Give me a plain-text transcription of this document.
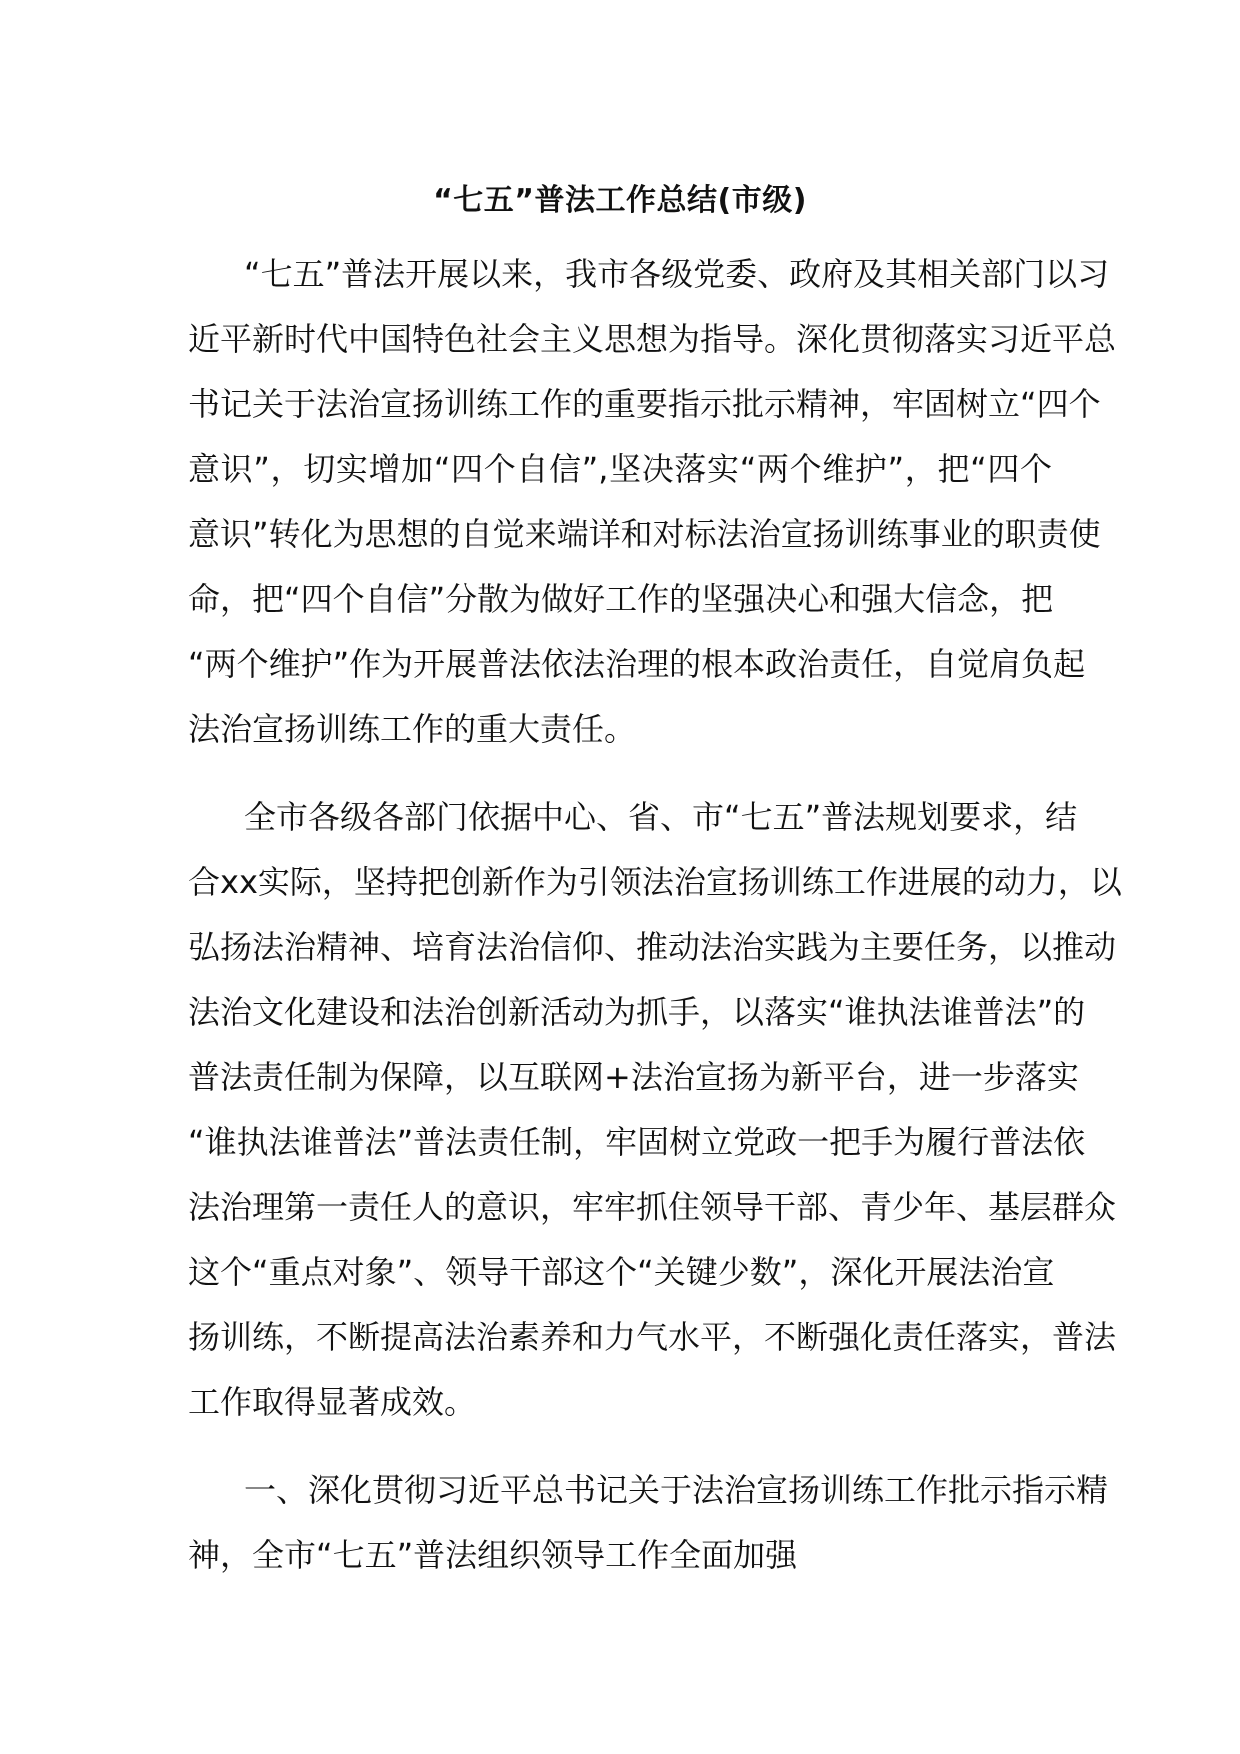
“七五”普法工作总结(市级)
“七五”普法开展以来，我市各级党委、政府及其相关部门以习
近平新时代中国特色社会主义思想为指导。深化贯彻落实习近平总
书记关于法治宣扬训练工作的重要指示批示精神，牢固树立“四个
意识”，切实增加“四个自信”,坚决落实“两个维护”，把“四个
意识”转化为思想的自觉来端详和对标法治宣扬训练事业的职责使
命，把“四个自信”分散为做好工作的坚强决心和强大信念，把
“两个维护”作为开展普法依法治理的根本政治责任，自觉肩负起
法治宣扬训练工作的重大责任。
全市各级各部门依据中心、省、市“七五”普法规划要求，结
合xx实际，坚持把创新作为引领法治宣扬训练工作进展的动力，以
弘扬法治精神、培育法治信仰、推动法治实践为主要任务，以推动
法治文化建设和法治创新活动为抓手，以落实“谁执法谁普法”的
普法责任制为保障，以互联网+法治宣扬为新平台，进一步落实
“谁执法谁普法”普法责任制，牢固树立党政一把手为履行普法依
法治理第一责任人的意识，牢牢抓住领导干部、青少年、基层群众
这个“重点对象”、领导干部这个“关键少数”，深化开展法治宣
扬训练，不断提高法治素养和力气水平，不断强化责任落实，普法
工作取得显著成效。
一、深化贯彻习近平总书记关于法治宣扬训练工作批示指示精
神，全市“七五”普法组织领导工作全面加强
